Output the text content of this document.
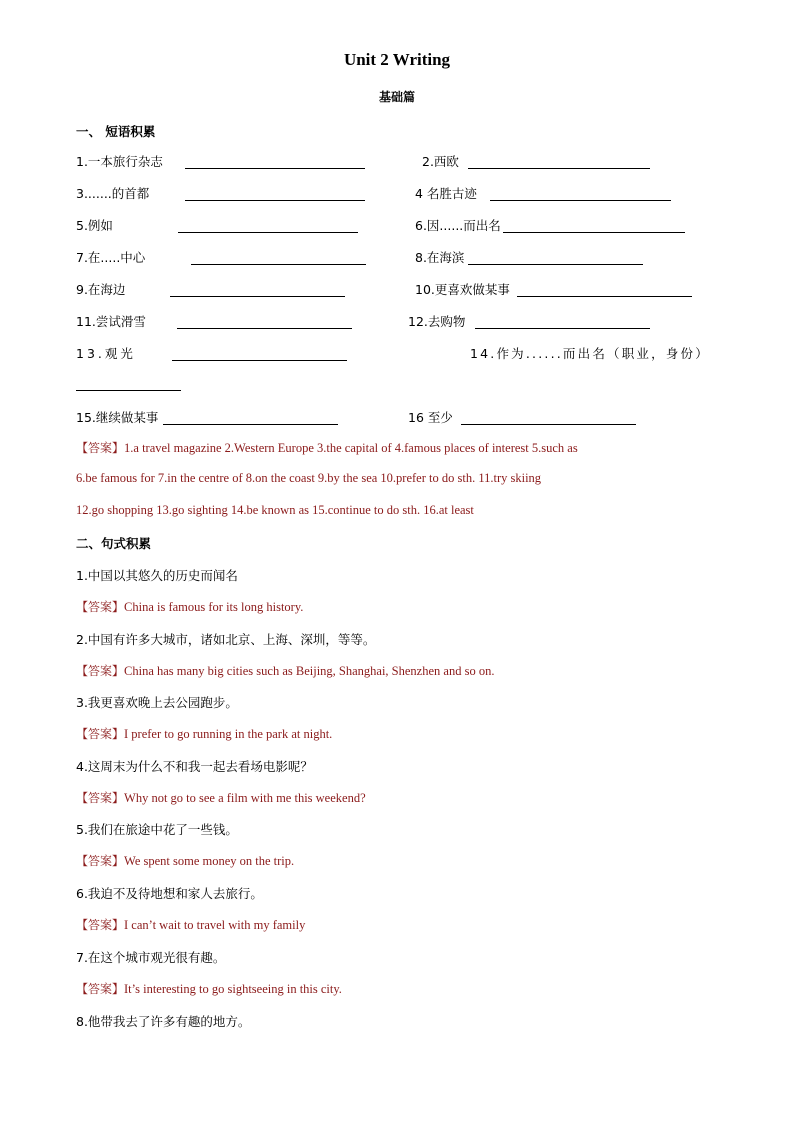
Unit 2 Writing
基础篇
一、 短语积累
1.一本旅行杂志	2.西欧
3.......的首都	4 名胜古迹
5.例如	6.因......而出名
7.在.....中心	8.在海滨
9.在海边	10.更喜欢做某事
11.尝试滑雪	12.去购物
13.观光	14.作为......而出名（职业，身份）
15.继续做某事	16 至少
【答案】1.a travel magazine 2.Western Europe 3.the capital of 4.famous places of interest 5.such as
6.be famous for 7.in the centre of 8.on the coast 9.by the sea 10.prefer to do sth. 11.try skiing
12.go shopping 13.go sighting 14.be known as 15.continue to do sth. 16.at least
二、句式积累
1.中国以其悠久的历史而闻名
【答案】China is famous for its long history.
2.中国有许多大城市，诸如北京、上海、深圳，等等。
【答案】China has many big cities such as Beijing, Shanghai, Shenzhen and so on.
3.我更喜欢晚上去公园跑步。
【答案】I prefer to go running in the park at night.
4.这周末为什么不和我一起去看场电影呢？
【答案】Why not go to see a film with me this weekend?
5.我们在旅途中花了一些钱。
【答案】We spent some money on the trip.
6.我迫不及待地想和家人去旅行。
【答案】I can’t wait to travel with my family
7.在这个城市观光很有趣。
【答案】It’s interesting to go sightseeing in this city.
8.他带我去了许多有趣的地方。
